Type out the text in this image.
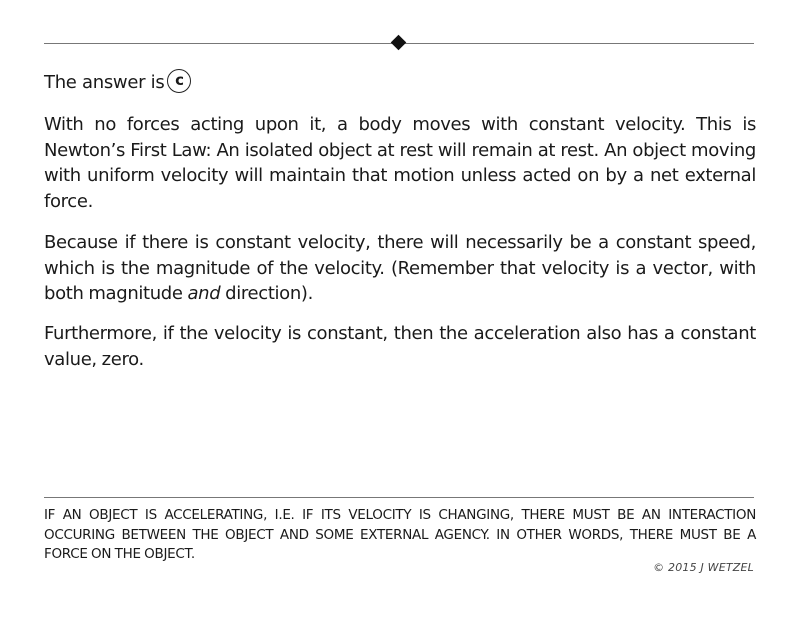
The answer is c

With no forces acting upon it, a body moves with constant velocity. This is Newton’s First Law: An isolated object at rest will remain at rest. An object moving with uniform velocity will maintain that motion unless acted on by a net external force.

Because if there is constant velocity, there will necessarily be a constant speed, which is the magnitude of the velocity. (Remember that velocity is a vector, with both magnitude and direction).

Furthermore, if the velocity is constant, then the acceleration also has a constant value, zero.

IF AN OBJECT IS ACCELERATING, I.E. IF ITS VELOCITY IS CHANGING, THERE MUST BE AN INTERACTION OCCURING BETWEEN THE OBJECT AND SOME EXTERNAL AGENCY. IN OTHER WORDS, THERE MUST BE A FORCE ON THE OBJECT.

© 2015 J WETZEL
